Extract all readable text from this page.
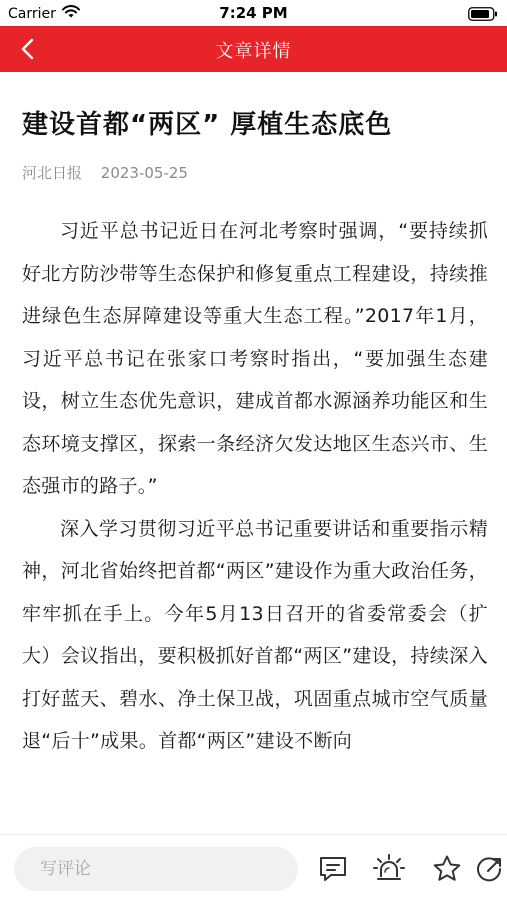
Carrier	7:24 PM
文章详情
建设首都“两区” 厚植生态底色
河北日报 2023-05-25

习近平总书记近日在河北考察时强调，“要持续抓好北方防沙带等生态保护和修复重点工程建设，持续推进绿色生态屏障建设等重大生态工程。”2017年1月，习近平总书记在张家口考察时指出，“要加强生态建设，树立生态优先意识，建成首都水源涵养功能区和生态环境支撑区，探索一条经济欠发达地区生态兴市、生态强市的路子。”

深入学习贯彻习近平总书记重要讲话和重要指示精神，河北省始终把首都“两区”建设作为重大政治任务，牢牢抓在手上。今年5月13日召开的省委常委会（扩大）会议指出，要积极抓好首都“两区”建设，持续深入打好蓝天、碧水、净土保卫战，巩固重点城市空气质量退“后十”成果。首都“两区”建设不断向

写评论
